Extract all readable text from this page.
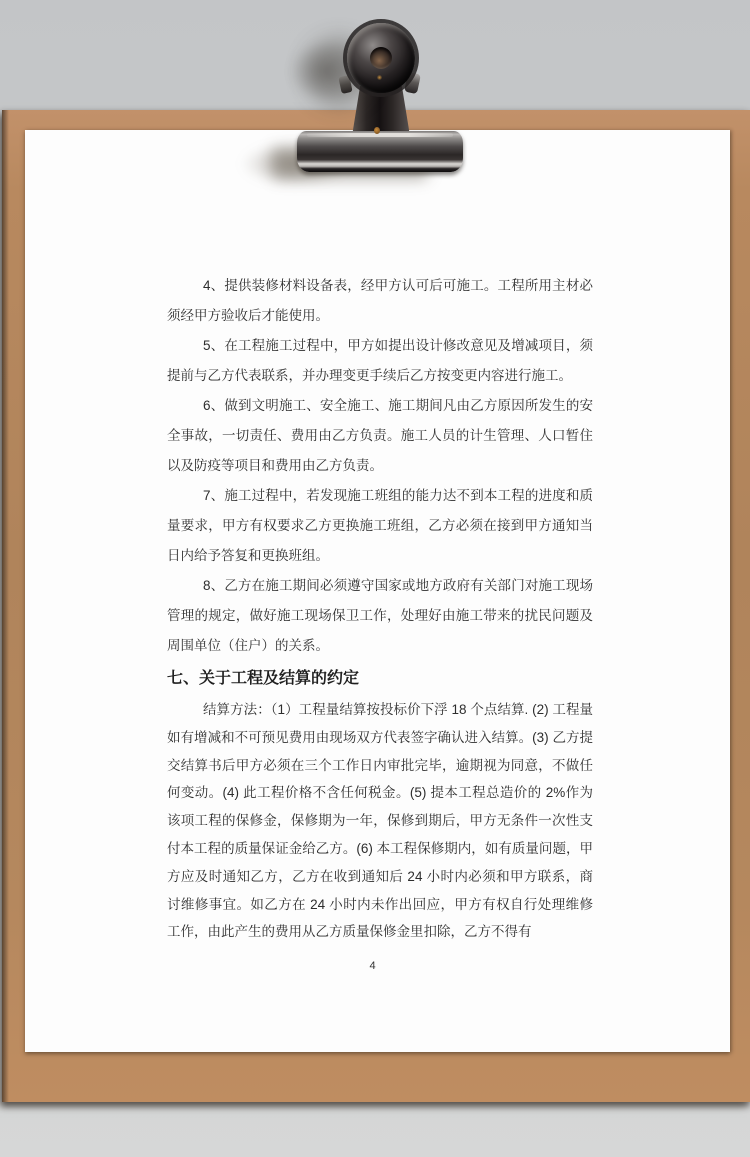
4、提供装修材料设备表，经甲方认可后可施工。工程所用主材必须经甲方验收后才能使用。

5、在工程施工过程中，甲方如提出设计修改意见及增减项目，须提前与乙方代表联系，并办理变更手续后乙方按变更内容进行施工。

6、做到文明施工、安全施工、施工期间凡由乙方原因所发生的安全事故，一切责任、费用由乙方负责。施工人员的计生管理、人口暂住以及防疫等项目和费用由乙方负责。

7、施工过程中，若发现施工班组的能力达不到本工程的进度和质量要求，甲方有权要求乙方更换施工班组，乙方必须在接到甲方通知当日内给予答复和更换班组。

8、乙方在施工期间必须遵守国家或地方政府有关部门对施工现场管理的规定，做好施工现场保卫工作，处理好由施工带来的扰民问题及周围单位（住户）的关系。

七、关于工程及结算的约定

结算方法：（1）工程量结算按投标价下浮 18 个点结算. (2) 工程量如有增减和不可预见费用由现场双方代表签字确认进入结算。(3) 乙方提交结算书后甲方必须在三个工作日内审批完毕，逾期视为同意，不做任何变动。(4) 此工程价格不含任何税金。(5) 提本工程总造价的 2%作为该项工程的保修金，保修期为一年，保修到期后，甲方无条件一次性支付本工程的质量保证金给乙方。(6) 本工程保修期内，如有质量问题，甲方应及时通知乙方，乙方在收到通知后 24 小时内必须和甲方联系，商讨维修事宜。如乙方在 24 小时内未作出回应，甲方有权自行处理维修工作，由此产生的费用从乙方质量保修金里扣除，乙方不得有

4
